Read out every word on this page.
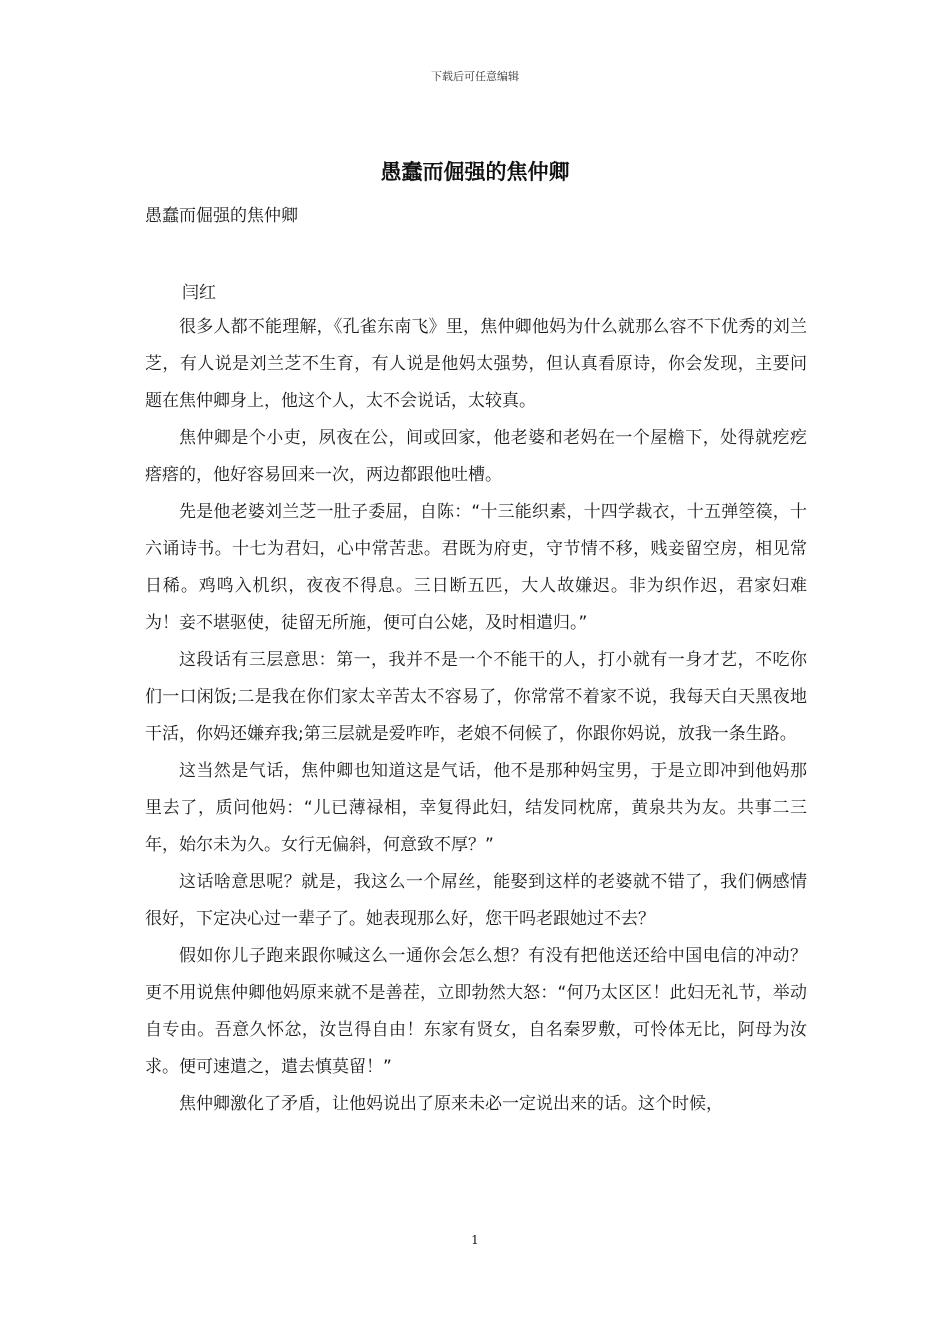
下载后可任意编辑
愚蠢而倔强的焦仲卿
愚蠢而倔强的焦仲卿
闫红

很多人都不能理解，《孔雀东南飞》里，焦仲卿他妈为什么就那么容不下优秀的刘兰芝，有人说是刘兰芝不生育，有人说是他妈太强势，但认真看原诗，你会发现，主要问题在焦仲卿身上，他这个人，太不会说话，太较真。

焦仲卿是个小吏，夙夜在公，间或回家，他老婆和老妈在一个屋檐下，处得就疙疙瘩瘩的，他好容易回来一次，两边都跟他吐槽。

先是他老婆刘兰芝一肚子委屈，自陈：“十三能织素，十四学裁衣，十五弹箜篌，十六诵诗书。十七为君妇，心中常苦悲。君既为府吏，守节情不移，贱妾留空房，相见常日稀。鸡鸣入机织，夜夜不得息。三日断五匹，大人故嫌迟。非为织作迟，君家妇难为！妾不堪驱使，徒留无所施，便可白公姥，及时相遣归。”

这段话有三层意思：第一，我并不是一个不能干的人，打小就有一身才艺，不吃你们一口闲饭;二是我在你们家太辛苦太不容易了，你常常不着家不说，我每天白天黑夜地干活，你妈还嫌弃我;第三层就是爱咋咋，老娘不伺候了，你跟你妈说，放我一条生路。

这当然是气话，焦仲卿也知道这是气话，他不是那种妈宝男，于是立即冲到他妈那里去了，质问他妈：“儿已薄禄相，幸复得此妇，结发同枕席，黄泉共为友。共事二三年，始尔未为久。女行无偏斜，何意致不厚？”

这话啥意思呢？就是，我这么一个屌丝，能娶到这样的老婆就不错了，我们俩感情很好，下定决心过一辈子了。她表现那么好，您干吗老跟她过不去？

假如你儿子跑来跟你喊这么一通你会怎么想？有没有把他送还给中国电信的冲动？更不用说焦仲卿他妈原来就不是善茬，立即勃然大怒：“何乃太区区！此妇无礼节，举动自专由。吾意久怀忿，汝岂得自由！东家有贤女，自名秦罗敷，可怜体无比，阿母为汝求。便可速遣之，遣去慎莫留！”

焦仲卿激化了矛盾，让他妈说出了原来未必一定说出来的话。这个时候，

1
